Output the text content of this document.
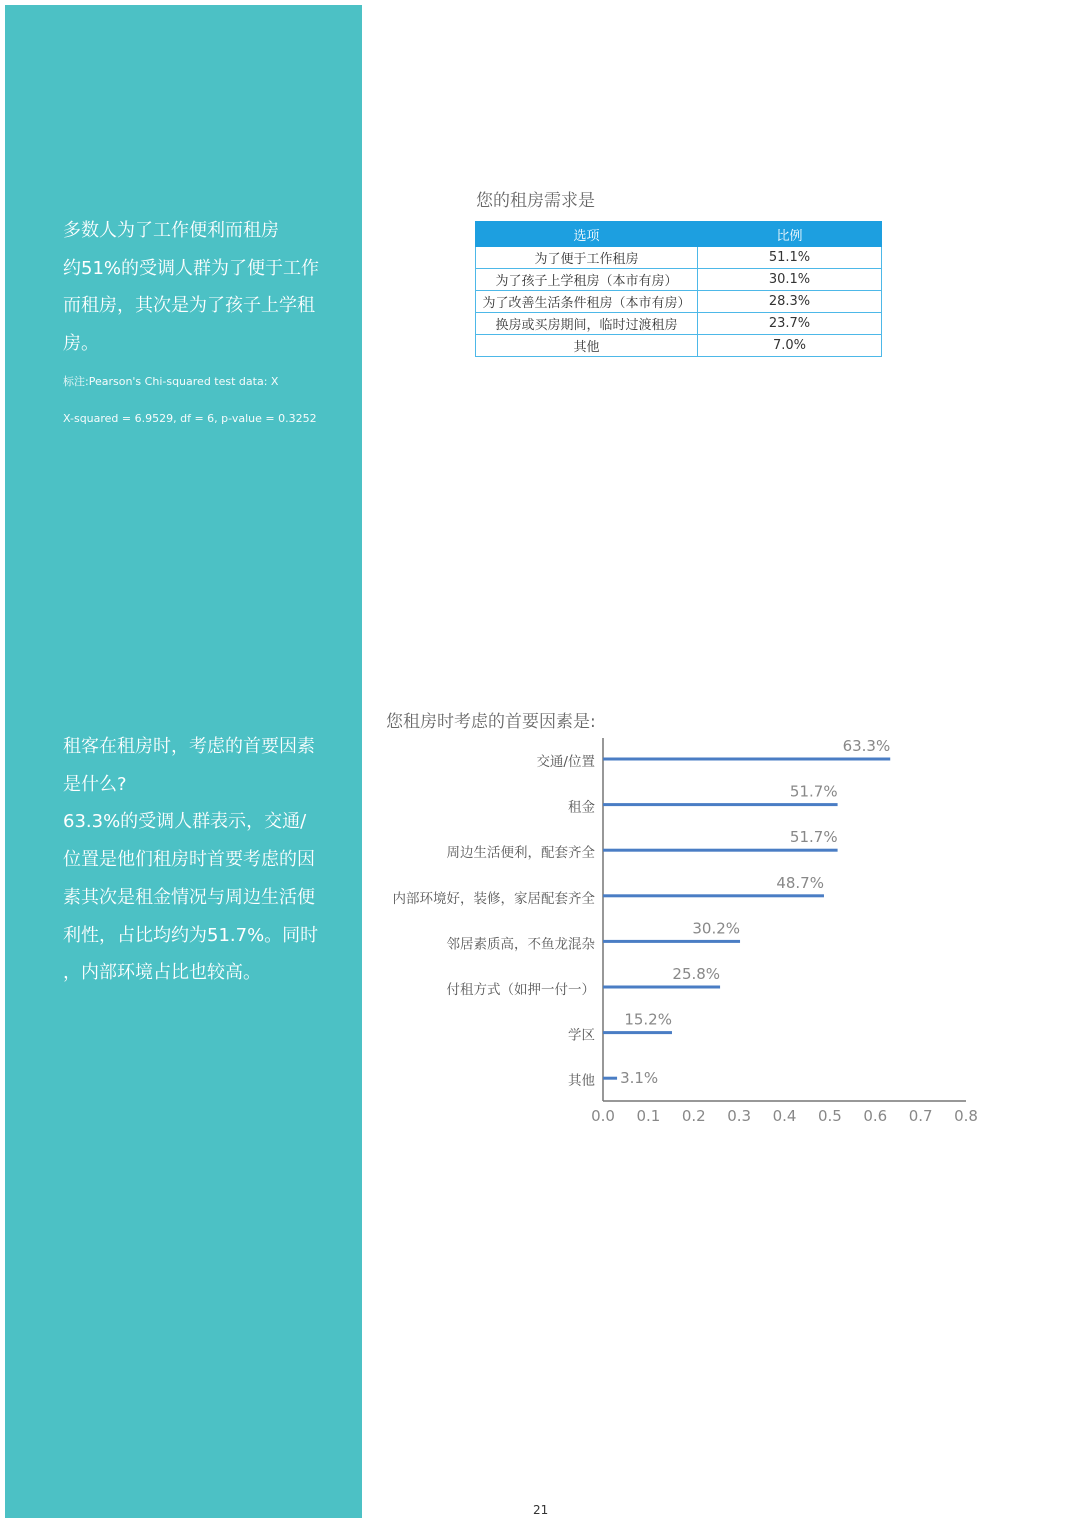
多数人为了工作便利而租房
约51%的受调人群为了便于工作
而租房，其次是为了孩子上学租
房。
标注:Pearson's Chi-squared test data: X
X-squared = 6.9529, df = 6, p-value = 0.3252
租客在租房时，考虑的首要因素
是什么?
63.3%的受调人群表示，交通/
位置是他们租房时首要考虑的因
素其次是租金情况与周边生活便
利性，占比均约为51.7%。同时
，内部环境占比也较高。
您的租房需求是
选项	比例
为了便于工作租房	51.1%
为了孩子上学租房（本市有房）	30.1%
为了改善生活条件租房（本市有房）	28.3%
换房或买房期间，临时过渡租房	23.7%
其他	7.0%
您租房时考虑的首要因素是:
0.0 0.1 0.2 0.3 0.4 0.5 0.6 0.7 0.8
交通/位置
63.3%
租金
51.7%
周边生活便利，配套齐全
51.7%
内部环境好，装修，家居配套齐全
48.7%
邻居素质高，不鱼龙混杂
30.2%
付租方式（如押一付一）
25.8%
学区
15.2%
其他 3.1%
21
